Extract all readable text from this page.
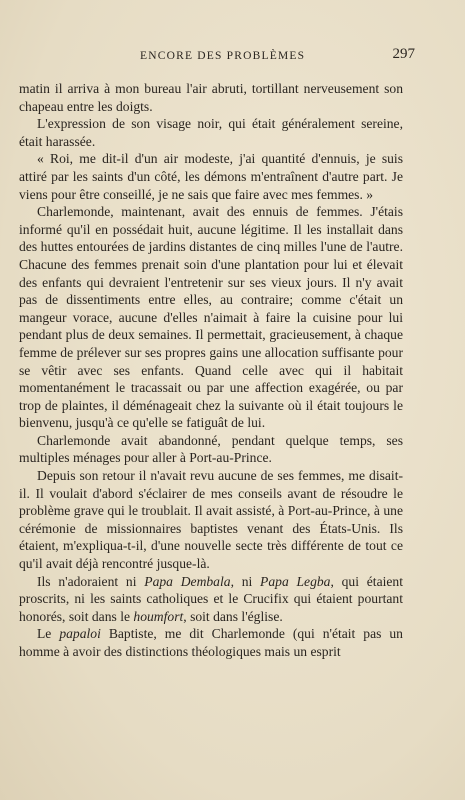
ENCORE DES PROBLÈMES	297

matin il arriva à mon bureau l'air abruti, tortillant nerveusement son chapeau entre les doigts.

L'expression de son visage noir, qui était généralement sereine, était harassée.

« Roi, me dit-il d'un air modeste, j'ai quantité d'ennuis, je suis attiré par les saints d'un côté, les démons m'entraînent d'autre part. Je viens pour être conseillé, je ne sais que faire avec mes femmes. »

Charlemonde, maintenant, avait des ennuis de femmes. J'étais informé qu'il en possédait huit, aucune légitime. Il les installait dans des huttes entourées de jardins distantes de cinq milles l'une de l'autre. Chacune des femmes prenait soin d'une plantation pour lui et élevait des enfants qui devraient l'entretenir sur ses vieux jours. Il n'y avait pas de dissentiments entre elles, au contraire; comme c'était un mangeur vorace, aucune d'elles n'aimait à faire la cuisine pour lui pendant plus de deux semaines. Il permettait, gracieusement, à chaque femme de prélever sur ses propres gains une allocation suffisante pour se vêtir avec ses enfants. Quand celle avec qui il habitait momentanément le tracassait ou par une affection exagérée, ou par trop de plaintes, il déménageait chez la suivante où il était toujours le bienvenu, jusqu'à ce qu'elle se fatiguât de lui.

Charlemonde avait abandonné, pendant quelque temps, ses multiples ménages pour aller à Port-au-Prince.

Depuis son retour il n'avait revu aucune de ses femmes, me disait-il. Il voulait d'abord s'éclairer de mes conseils avant de résoudre le problème grave qui le troublait. Il avait assisté, à Port-au-Prince, à une cérémonie de missionnaires baptistes venant des États-Unis. Ils étaient, m'expliqua-t-il, d'une nouvelle secte très différente de tout ce qu'il avait déjà rencontré jusque-là.

Ils n'adoraient ni Papa Dembala, ni Papa Legba, qui étaient proscrits, ni les saints catholiques et le Crucifix qui étaient pourtant honorés, soit dans le houmfort, soit dans l'église.

Le papaloi Baptiste, me dit Charlemonde (qui n'était pas un homme à avoir des distinctions théologiques mais un esprit
